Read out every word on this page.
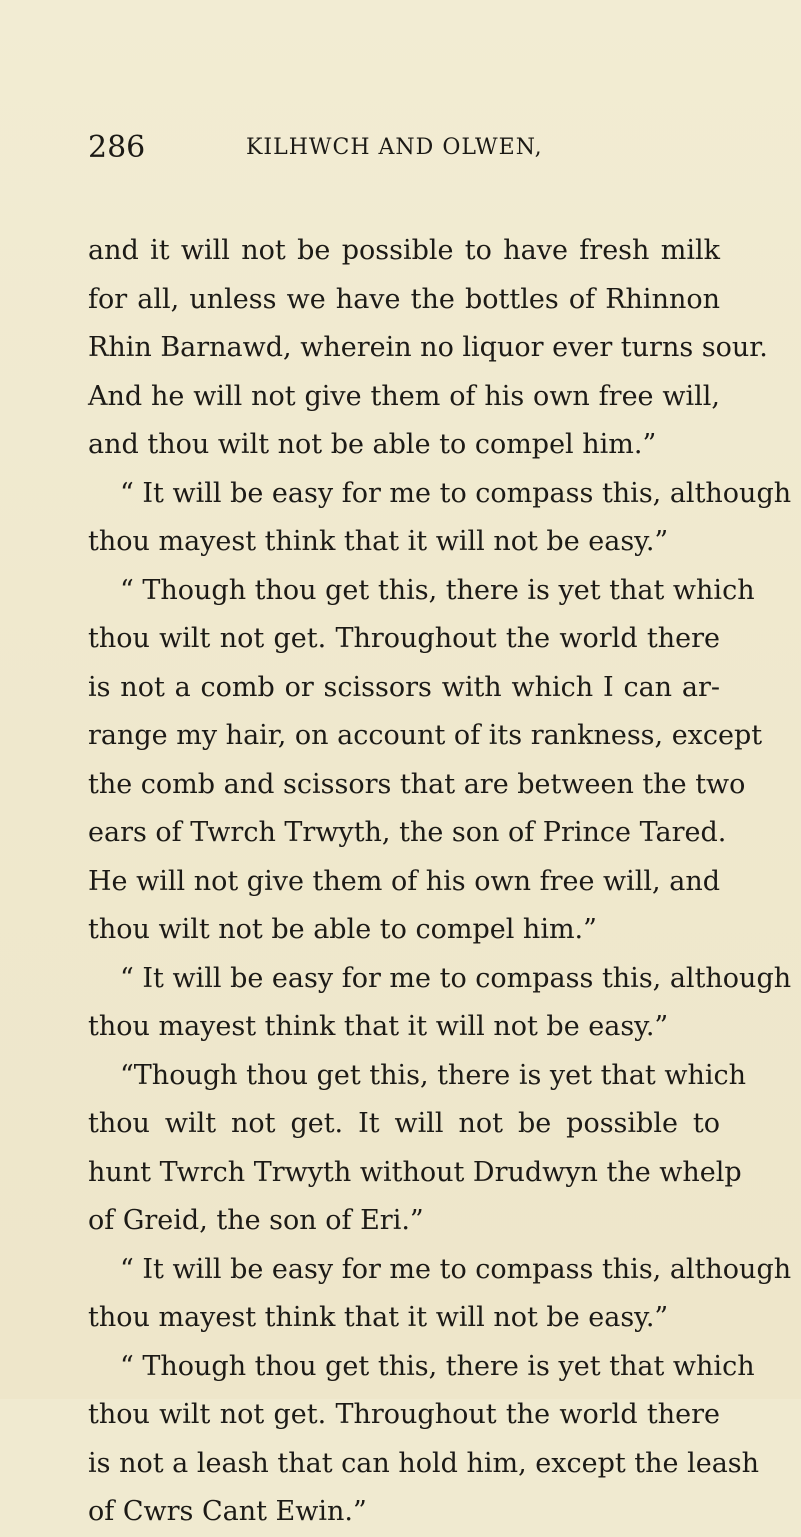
286	KILHWCH AND OLWEN,
and it will not be possible to have fresh milk
for all, unless we have the bottles of Rhinnon
Rhin Barnawd, wherein no liquor ever turns sour.
And he will not give them of his own free will,
and thou wilt not be able to compel him.”
“ It will be easy for me to compass this, although
thou mayest think that it will not be easy.”
“ Though thou get this, there is yet that which
thou wilt not get. Throughout the world there
is not a comb or scissors with which I can ar-
range my hair, on account of its rankness, except
the comb and scissors that are between the two
ears of Twrch Trwyth, the son of Prince Tared.
He will not give them of his own free will, and
thou wilt not be able to compel him.”
“ It will be easy for me to compass this, although
thou mayest think that it will not be easy.”
“Though thou get this, there is yet that which
thou wilt not get. It will not be possible to
hunt Twrch Trwyth without Drudwyn the whelp
of Greid, the son of Eri.”
“ It will be easy for me to compass this, although
thou mayest think that it will not be easy.”
“ Though thou get this, there is yet that which
thou wilt not get. Throughout the world there
is not a leash that can hold him, except the leash
of Cwrs Cant Ewin.”
